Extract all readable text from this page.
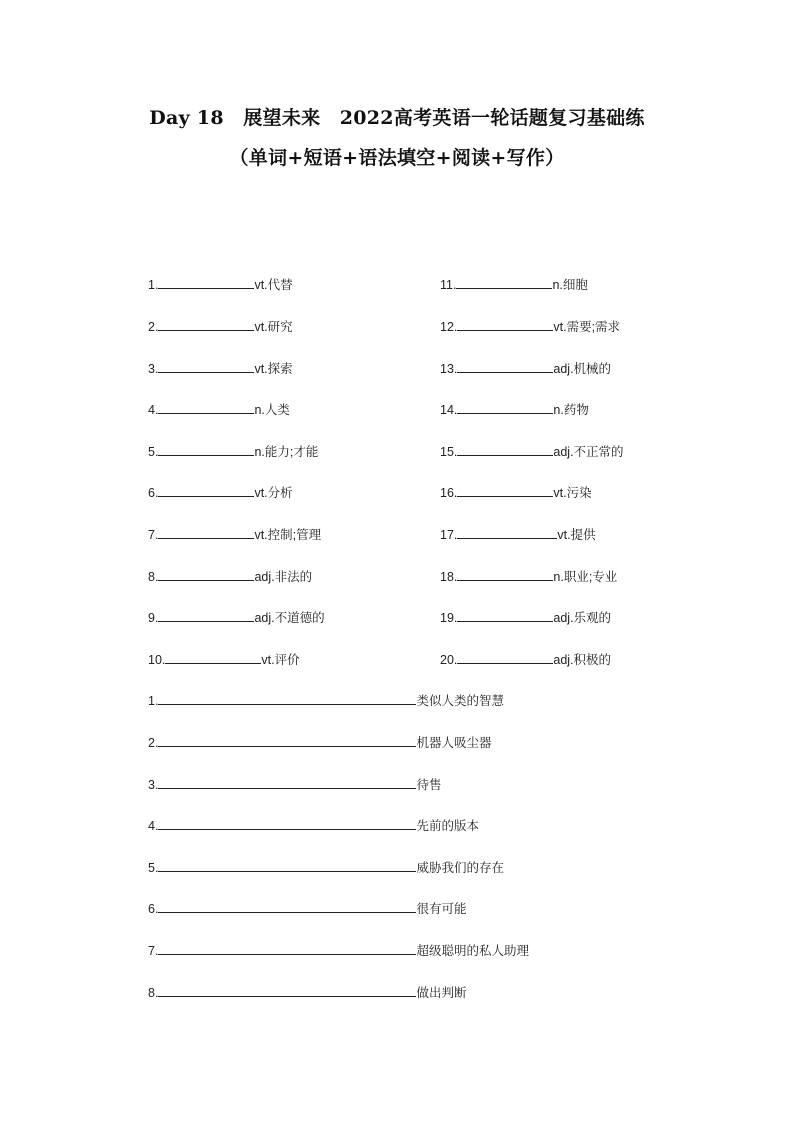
Day 18　展望未来　2022高考英语一轮话题复习基础练
（单词+短语+语法填空+阅读+写作）
1.	vt.代替
2.	vt.研究
3.	vt.探索
4.	n.人类
5.	n.能力;才能
6.	vt.分析
7.	vt.控制;管理
8.	adj.非法的
9.	adj.不道德的
10.	vt.评价
11.	n.细胞
12.	vt.需要;需求
13.	adj.机械的
14.	n.药物
15.	adj.不正常的
16.	vt.污染
17.	vt.提供
18.	n.职业;专业
19.	adj.乐观的
20.	adj.积极的
1.	类似人类的智慧
2.	机器人吸尘器
3.	待售
4.	先前的版本
5.	威胁我们的存在
6.	很有可能
7.	超级聪明的私人助理
8.	做出判断
